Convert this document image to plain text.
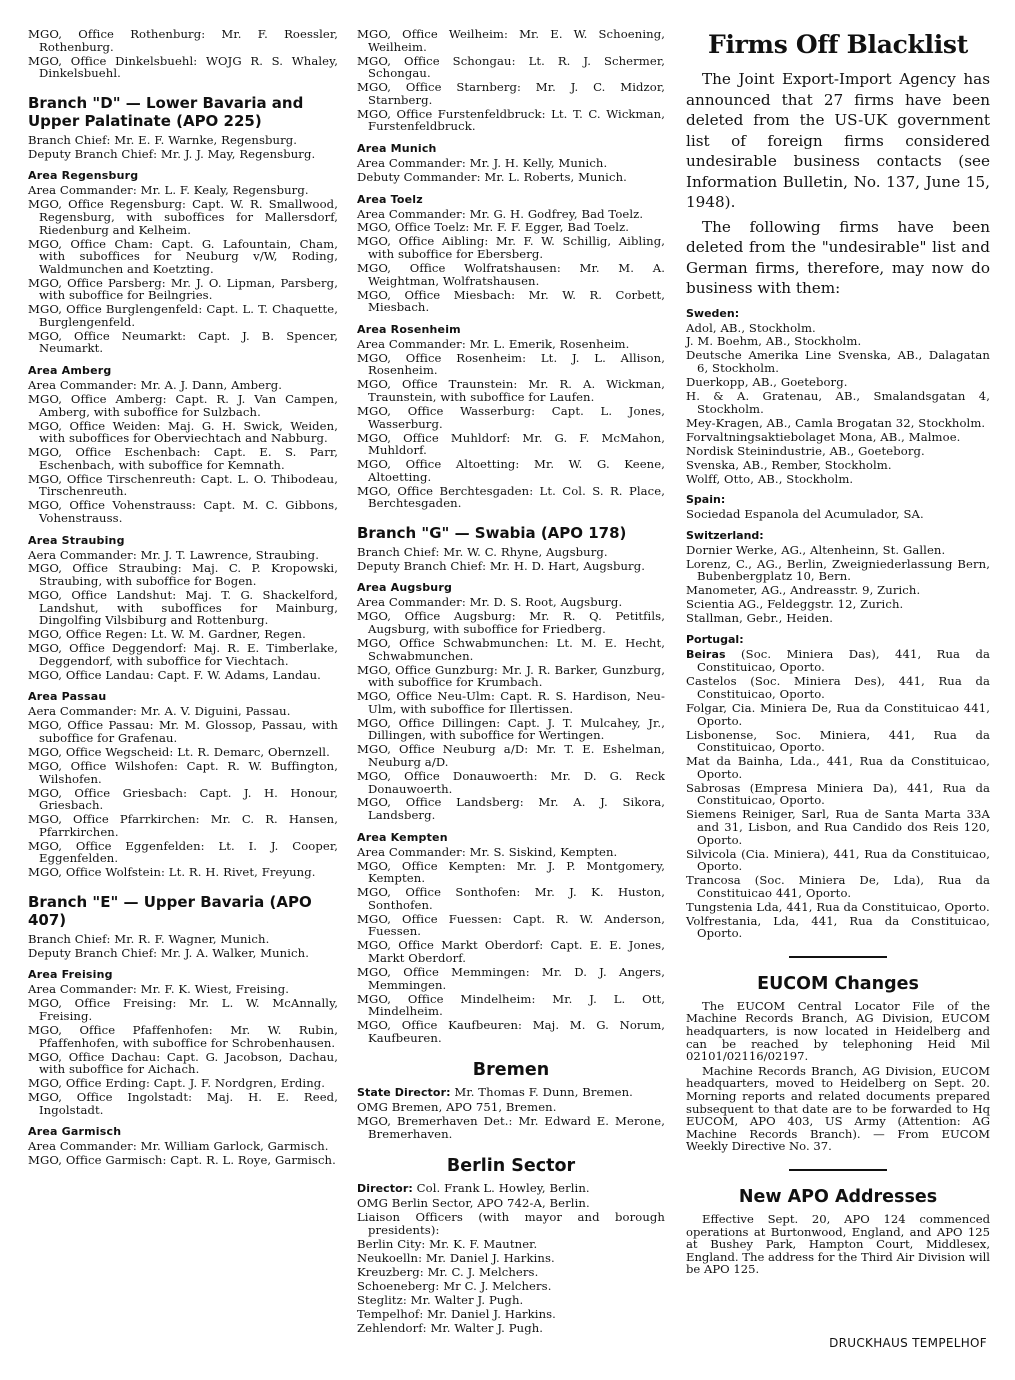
MGO, Office Rothenburg: Mr. F. Roessler, Rothenburg.

MGO, Office Dinkelsbuehl: WOJG R. S. Whaley, Dinkelsbuehl.

Branch "D" — Lower Bavaria and Upper Palatinate (APO 225)

Branch Chief: Mr. E. F. Warnke, Regensburg.

Deputy Branch Chief: Mr. J. J. May, Regensburg.

Area Regensburg

Area Commander: Mr. L. F. Kealy, Regensburg.

MGO, Office Regensburg: Capt. W. R. Smallwood, Regensburg, with suboffices for Mallersdorf, Riedenburg and Kelheim.

MGO, Office Cham: Capt. G. Lafountain, Cham, with suboffices for Neuburg v/W, Roding, Waldmunchen and Koetzting.

MGO, Office Parsberg: Mr. J. O. Lipman, Parsberg, with suboffice for Beilngries.

MGO, Office Burglengenfeld: Capt. L. T. Chaquette, Burglengenfeld.

MGO, Office Neumarkt: Capt. J. B. Spencer, Neumarkt.

Area Amberg

Area Commander: Mr. A. J. Dann, Amberg.

MGO, Office Amberg: Capt. R. J. Van Campen, Amberg, with suboffice for Sulzbach.

MGO, Office Weiden: Maj. G. H. Swick, Weiden, with suboffices for Oberviechtach and Nabburg.

MGO, Office Eschenbach: Capt. E. S. Parr, Eschenbach, with suboffice for Kemnath.

MGO, Office Tirschenreuth: Capt. L. O. Thibodeau, Tirschenreuth.

MGO, Office Vohenstrauss: Capt. M. C. Gibbons, Vohenstrauss.

Area Straubing

Aera Commander: Mr. J. T. Lawrence, Straubing.

MGO, Office Straubing: Maj. C. P. Kropowski, Straubing, with suboffice for Bogen.

MGO, Office Landshut: Maj. T. G. Shackelford, Landshut, with suboffices for Mainburg, Dingolfing Vilsbiburg and Rottenburg.

MGO, Office Regen: Lt. W. M. Gardner, Regen.

MGO, Office Deggendorf: Maj. R. E. Timberlake, Deggendorf, with suboffice for Viechtach.

MGO, Office Landau: Capt. F. W. Adams, Landau.

Area Passau

Aera Commander: Mr. A. V. Diguini, Passau.

MGO, Office Passau: Mr. M. Glossop, Passau, with suboffice for Grafenau.

MGO, Office Wegscheid: Lt. R. Demarc, Obernzell.

MGO, Office Wilshofen: Capt. R. W. Buffington, Wilshofen.

MGO, Office Griesbach: Capt. J. H. Honour, Griesbach.

MGO, Office Pfarrkirchen: Mr. C. R. Hansen, Pfarrkirchen.

MGO, Office Eggenfelden: Lt. I. J. Cooper, Eggenfelden.

MGO, Office Wolfstein: Lt. R. H. Rivet, Freyung.

Branch "E" — Upper Bavaria (APO 407)

Branch Chief: Mr. R. F. Wagner, Munich.

Deputy Branch Chief: Mr. J. A. Walker, Munich.

Area Freising

Area Commander: Mr. F. K. Wiest, Freising.

MGO, Office Freising: Mr. L. W. McAnnally, Freising.

MGO, Office Pfaffenhofen: Mr. W. Rubin, Pfaffenhofen, with suboffice for Schrobenhausen.

MGO, Office Dachau: Capt. G. Jacobson, Dachau, with suboffice for Aichach.

MGO, Office Erding: Capt. J. F. Nordgren, Erding.

MGO, Office Ingolstadt: Maj. H. E. Reed, Ingolstadt.

Area Garmisch

Area Commander: Mr. William Garlock, Garmisch.

MGO, Office Garmisch: Capt. R. L. Roye, Garmisch.

MGO, Office Weilheim: Mr. E. W. Schoening, Weilheim.

MGO, Office Schongau: Lt. R. J. Schermer, Schongau.

MGO, Office Starnberg: Mr. J. C. Midzor, Starnberg.

MGO, Office Furstenfeldbruck: Lt. T. C. Wickman, Furstenfeldbruck.

Area Munich

Area Commander: Mr. J. H. Kelly, Munich.

Debuty Commander: Mr. L. Roberts, Munich.

Area Toelz

Area Commander: Mr. G. H. Godfrey, Bad Toelz.

MGO, Office Toelz: Mr. F. F. Egger, Bad Toelz.

MGO, Office Aibling: Mr. F. W. Schillig, Aibling, with suboffice for Ebersberg.

MGO, Office Wolfratshausen: Mr. M. A. Weightman, Wolfratshausen.

MGO, Office Miesbach: Mr. W. R. Corbett, Miesbach.

Area Rosenheim

Area Commander: Mr. L. Emerik, Rosenheim.

MGO, Office Rosenheim: Lt. J. L. Allison, Rosenheim.

MGO, Office Traunstein: Mr. R. A. Wickman, Traunstein, with suboffice for Laufen.

MGO, Office Wasserburg: Capt. L. Jones, Wasserburg.

MGO, Office Muhldorf: Mr. G. F. McMahon, Muhldorf.

MGO, Office Altoetting: Mr. W. G. Keene, Altoetting.

MGO, Office Berchtesgaden: Lt. Col. S. R. Place, Berchtesgaden.

Branch "G" — Swabia (APO 178)

Branch Chief: Mr. W. C. Rhyne, Augsburg.

Deputy Branch Chief: Mr. H. D. Hart, Augsburg.

Area Augsburg

Area Commander: Mr. D. S. Root, Augsburg.

MGO, Office Augsburg: Mr. R. Q. Petitfils, Augsburg, with suboffice for Friedberg.

MGO, Office Schwabmunchen: Lt. M. E. Hecht, Schwabmunchen.

MGO, Office Gunzburg: Mr. J. R. Barker, Gunzburg, with suboffice for Krumbach.

MGO, Office Neu-Ulm: Capt. R. S. Hardison, Neu-Ulm, with suboffice for Illertissen.

MGO, Office Dillingen: Capt. J. T. Mulcahey, Jr., Dillingen, with suboffice for Wertingen.

MGO, Office Neuburg a/D: Mr. T. E. Eshelman, Neuburg a/D.

MGO, Office Donauwoerth: Mr. D. G. Reck Donauwoerth.

MGO, Office Landsberg: Mr. A. J. Sikora, Landsberg.

Area Kempten

Area Commander: Mr. S. Siskind, Kempten.

MGO, Office Kempten: Mr. J. P. Montgomery, Kempten.

MGO, Office Sonthofen: Mr. J. K. Huston, Sonthofen.

MGO, Office Fuessen: Capt. R. W. Anderson, Fuessen.

MGO, Office Markt Oberdorf: Capt. E. E. Jones, Markt Oberdorf.

MGO, Office Memmingen: Mr. D. J. Angers, Memmingen.

MGO, Office Mindelheim: Mr. J. L. Ott, Mindelheim.

MGO, Office Kaufbeuren: Maj. M. G. Norum, Kaufbeuren.

Bremen

State Director: Mr. Thomas F. Dunn, Bremen.

OMG Bremen, APO 751, Bremen.

MGO, Bremerhaven Det.: Mr. Edward E. Merone, Bremerhaven.

Berlin Sector

Director: Col. Frank L. Howley, Berlin.

OMG Berlin Sector, APO 742-A, Berlin.

Liaison Officers (with mayor and borough presidents):

Berlin City: Mr. K. F. Mautner.

Neukoelln: Mr. Daniel J. Harkins.

Kreuzberg: Mr. C. J. Melchers.

Schoeneberg: Mr C. J. Melchers.

Steglitz: Mr. Walter J. Pugh.

Tempelhof: Mr. Daniel J. Harkins.

Zehlendorf: Mr. Walter J. Pugh.

Firms Off Blacklist

The Joint Export-Import Agency has announced that 27 firms have been deleted from the US-UK government list of foreign firms considered undesirable business contacts (see Information Bulletin, No. 137, June 15, 1948).

The following firms have been deleted from the "undesirable" list and German firms, therefore, may now do business with them:

Sweden:

Adol, AB., Stockholm.

J. M. Boehm, AB., Stockholm.

Deutsche Amerika Line Svenska, AB., Dalagatan 6, Stockholm.

Duerkopp, AB., Goeteborg.

H. & A. Gratenau, AB., Smalandsgatan 4, Stockholm.

Mey-Kragen, AB., Camla Brogatan 32, Stockholm.

Forvaltningsaktiebolaget Mona, AB., Malmoe.

Nordisk Steinindustrie, AB., Goeteborg.

Svenska, AB., Rember, Stockholm.

Wolff, Otto, AB., Stockholm.

Spain:

Sociedad Espanola del Acumulador, SA.

Switzerland:

Dornier Werke, AG., Altenheinn, St. Gallen.

Lorenz, C., AG., Berlin, Zweigniederlassung Bern, Bubenbergplatz 10, Bern.

Manometer, AG., Andreasstr. 9, Zurich.

Scientia AG., Feldeggstr. 12, Zurich.

Stallman, Gebr., Heiden.

Portugal:

Beiras (Soc. Miniera Das), 441, Rua da Constituicao, Oporto.

Castelos (Soc. Miniera Des), 441, Rua da Constituicao, Oporto.

Folgar, Cia. Miniera De, Rua da Constituicao 441, Oporto.

Lisbonense, Soc. Miniera, 441, Rua da Constituicao, Oporto.

Mat da Bainha, Lda., 441, Rua da Constituicao, Oporto.

Sabrosas (Empresa Miniera Da), 441, Rua da Constituicao, Oporto.

Siemens Reiniger, Sarl, Rua de Santa Marta 33A and 31, Lisbon, and Rua Candido dos Reis 120, Oporto.

Silvicola (Cia. Miniera), 441, Rua da Constituicao, Oporto.

Trancosa (Soc. Miniera De, Lda), Rua da Constituicao 441, Oporto.

Tungstenia Lda, 441, Rua da Constituicao, Oporto.

Volfrestania, Lda, 441, Rua da Constituicao, Oporto.

EUCOM Changes

The EUCOM Central Locator File of the Machine Records Branch, AG Division, EUCOM headquarters, is now located in Heidelberg and can be reached by telephoning Heid Mil 02101/02116/02197.

Machine Records Branch, AG Division, EUCOM headquarters, moved to Heidelberg on Sept. 20. Morning reports and related documents prepared subsequent to that date are to be forwarded to Hq EUCOM, APO 403, US Army (Attention: AG Machine Records Branch). — From EUCOM Weekly Directive No. 37.

New APO Addresses

Effective Sept. 20, APO 124 commenced operations at Burtonwood, England, and APO 125 at Bushey Park, Hampton Court, Middlesex, England. The address for the Third Air Division will be APO 125.

DRUCKHAUS TEMPELHOF
